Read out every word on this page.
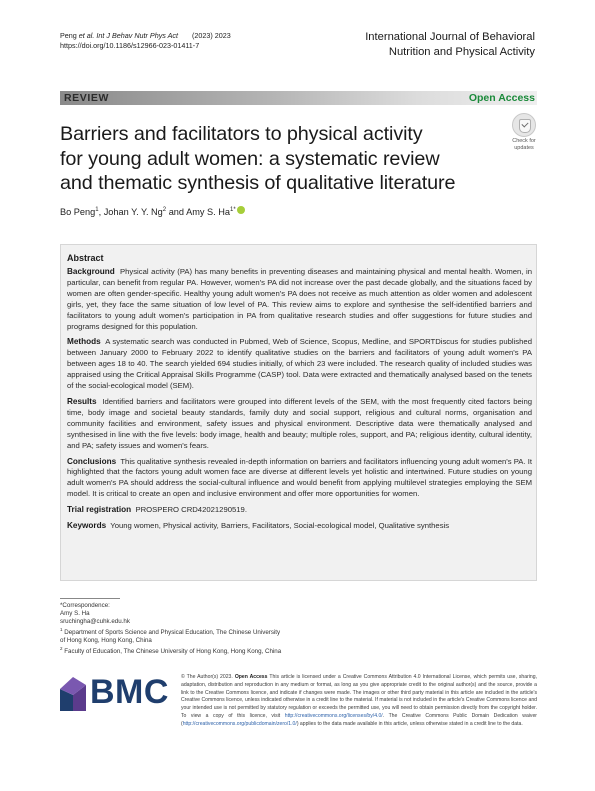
Peng et al. Int J Behav Nutr Phys Act (2023) 2023
https://doi.org/10.1186/s12966-023-01411-7
International Journal of Behavioral
Nutrition and Physical Activity
REVIEW	Open Access
Barriers and facilitators to physical activity
for young adult women: a systematic review
and thematic synthesis of qualitative literature
Check for
updates
Bo Peng$^1$, Johan Y. Y. Ng$^2$ and Amy S. $Ha^{1*}$
Abstract
Background Physical activity (PA) has many benefits in preventing diseases and maintaining physical and mental health. Women, in particular, can benefit from regular PA. However, women's PA did not increase over the past decade globally, and the situations faced by women are often gender-specific. Healthy young adult women's PA does not receive as much attention as older women and adolescent girls, yet, they face the same situation of low level of PA. This review aims to explore and synthesise the self-identified barriers and facilitators to young adult women's participation in PA from qualitative research studies and offer suggestions for future studies and programs designed for this population.
Methods A systematic search was conducted in Pubmed, Web of Science, Scopus, Medline, and SPORTDiscus for studies published between January 2000 to February 2022 to identify qualitative studies on the barriers and facilitators of young adult women's PA between ages 18 to 40. The search yielded 694 studies initially, of which 23 were included. The research quality of included studies was appraised using the Critical Appraisal Skills Programme (CASP) tool. Data were extracted and thematically analysed based on the tenets of the social-ecological model (SEM).
Results Identified barriers and facilitators were grouped into different levels of the SEM, with the most frequently cited factors being time, body image and societal beauty standards, family duty and social support, religious and cultural norms, organisation and community facilities and environment, safety issues and physical environment. Descriptive data were thematically analysed and synthesised in line with the five levels: body image, health and beauty; multiple roles, support, and PA; religious identity, cultural identity, and PA; safety issues and women's fears.
Conclusions This qualitative synthesis revealed in-depth information on barriers and facilitators influencing young adult women's PA. It highlighted that the factors young adult women face are diverse at different levels yet holistic and intertwined. Future studies on young adult women's PA should address the social-cultural influence and would benefit from applying multilevel strategies employing the SEM model. It is critical to create an open and inclusive environment and offer more opportunities for women.
Trial registration PROSPERO CRD42021290519.
Keywords Young women, Physical activity, Barriers, Facilitators, Social-ecological model, Qualitative synthesis
*Correspondence:
Amy S. Ha
sruchingha@cuhk.edu.hk
$^1$ Department of Sports Science and Physical Education, The Chinese University of Hong Kong, Hong Kong, China
$^2$ Faculty of Education, The Chinese University of Hong Kong, Hong Kong, China
BMC © The Author(s) 2023. Open Access This article is licensed under a Creative Commons Attribution 4.0 International License, which permits use, sharing, adaptation, distribution and reproduction in any medium or format, as long as you give appropriate credit to the original author(s) and the source, provide a link to the Creative Commons licence, and indicate if changes were made. The images or other third party material in this article are included in the article's Creative Commons licence, unless indicated otherwise in a credit line to the material. If material is not included in the article's Creative Commons licence and your intended use is not permitted by statutory regulation or exceeds the permitted use, you will need to obtain permission directly from the copyright holder. To view a copy of this licence, visit http://creativecommons.org/licenses/by/4.0/. The Creative Commons Public Domain Dedication waiver (http://creativecommons.org/publicdomain/zero/1.0/) applies to the data made available in this article, unless otherwise stated in a credit line to the data.
